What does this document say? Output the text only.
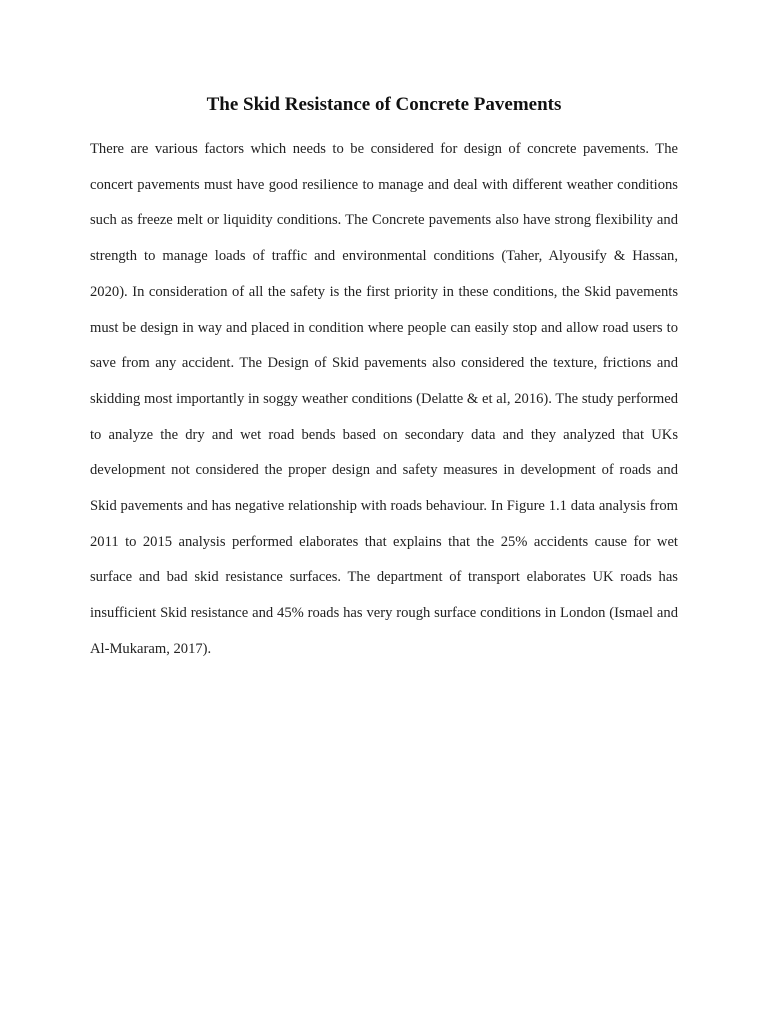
The Skid Resistance of Concrete Pavements

There are various factors which needs to be considered for design of concrete pavements. The concert pavements must have good resilience to manage and deal with different weather conditions such as freeze melt or liquidity conditions. The Concrete pavements also have strong flexibility and strength to manage loads of traffic and environmental conditions (Taher, Alyousify & Hassan, 2020). In consideration of all the safety is the first priority in these conditions, the Skid pavements must be design in way and placed in condition where people can easily stop and allow road users to save from any accident. The Design of Skid pavements also considered the texture, frictions and skidding most importantly in soggy weather conditions (Delatte & et al, 2016). The study performed to analyze the dry and wet road bends based on secondary data and they analyzed that UKs development not considered the proper design and safety measures in development of roads and Skid pavements and has negative relationship with roads behaviour. In Figure 1.1 data analysis from 2011 to 2015 analysis performed elaborates that explains that the 25% accidents cause for wet surface and bad skid resistance surfaces. The department of transport elaborates UK roads has insufficient Skid resistance and 45% roads has very rough surface conditions in London (Ismael and Al-Mukaram, 2017).
